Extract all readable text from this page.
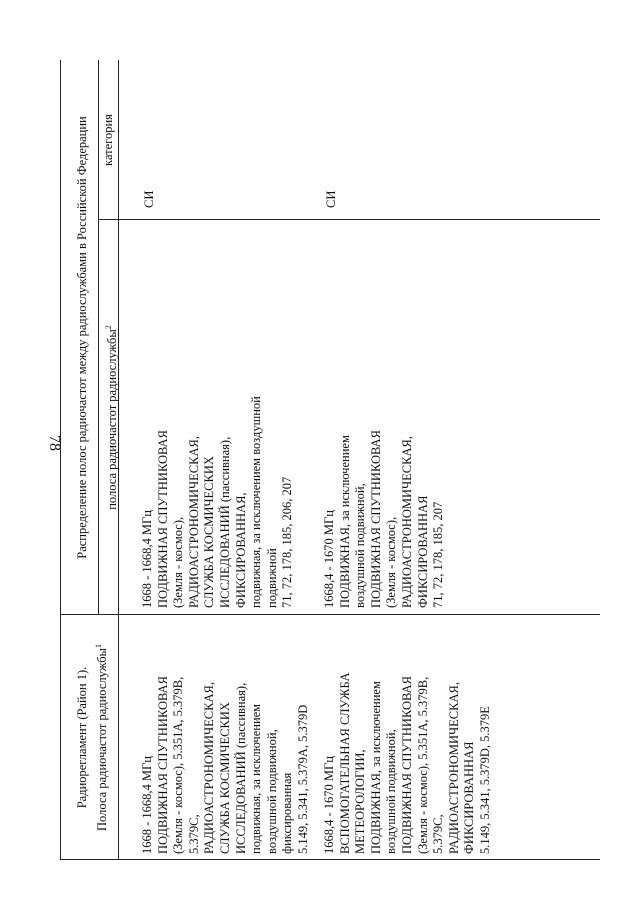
78
Радиорегламент (Район 1). Полоса радиочастот радиослужбы$^1$
Распределение полос радиочастот между радиослужбами в Российской Федерации	полоса радиочастот радиослужбы$^2$
категория
1668 - 1668,4 МГц ПОДВИЖНАЯ СПУТНИКОВАЯ (Земля - космос), 5.351А, 5.379В, 5.379С, РАДИОАСТРОНОМИЧЕСКАЯ, СЛУЖБА КОСМИЧЕСКИХ ИССЛЕДОВАНИЙ (пассивная), подвижная, за исключением воздушной подвижной, фиксированная 5.149, 5.341, 5.379А, 5.379D
1668 - 1668,4 МГц ПОДВИЖНАЯ СПУТНИКОВАЯ (Земля - космос), РАДИОАСТРОНОМИЧЕСКАЯ, СЛУЖБА КОСМИЧЕСКИХ ИССЛЕДОВАНИЙ (пассивная), ФИКСИРОВАННАЯ, подвижная, за исключением воздушной подвижной 71, 72, 178, 185, 206, 207
СИ
1668,4 - 1670 МГц ВСПОМОГАТЕЛЬНАЯ СЛУЖБА МЕТЕОРОЛОГИИ, ПОДВИЖНАЯ, за исключением воздушной подвижной, ПОДВИЖНАЯ СПУТНИКОВАЯ (Земля - космос), 5.351А, 5.379В, 5.379С, РАДИОАСТРОНОМИЧЕСКАЯ, ФИКСИРОВАННАЯ 5.149, 5.341, 5.379D, 5.379E
1668,4 - 1670 МГц ПОДВИЖНАЯ, за исключением воздушной подвижной, ПОДВИЖНАЯ СПУТНИКОВАЯ (Земля - космос), РАДИОАСТРОНОМИЧЕСКАЯ, ФИКСИРОВАННАЯ 71, 72, 178, 185, 207
СИ
